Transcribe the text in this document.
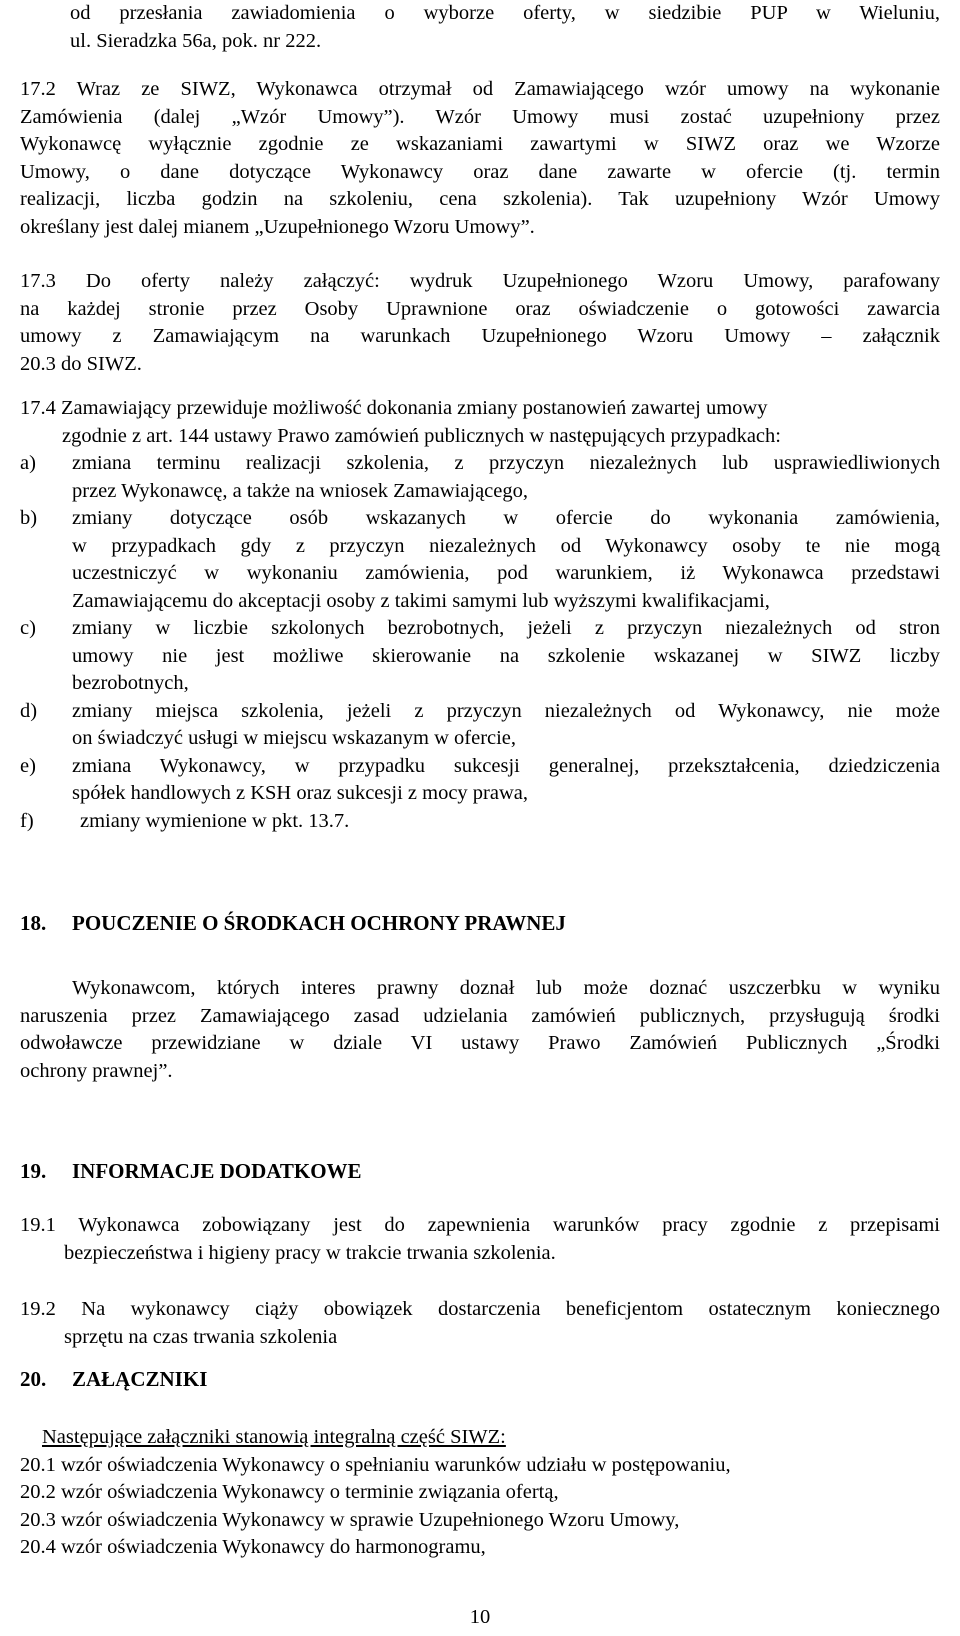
od przesłania zawiadomienia o wyborze oferty, w siedzibie PUP w Wieluniu,
ul. Sieradzka 56a, pok. nr 222.
17.2 Wraz ze SIWZ, Wykonawca otrzymał od Zamawiającego wzór umowy na wykonanie
Zamówienia (dalej „Wzór Umowy”). Wzór Umowy musi zostać uzupełniony przez
Wykonawcę wyłącznie zgodnie ze wskazaniami zawartymi w SIWZ oraz we Wzorze
Umowy, o dane dotyczące Wykonawcy oraz dane zawarte w ofercie (tj. termin
realizacji, liczba godzin na szkoleniu, cena szkolenia). Tak uzupełniony Wzór Umowy
określany jest dalej mianem „Uzupełnionego Wzoru Umowy”.
17.3 Do oferty należy załączyć: wydruk Uzupełnionego Wzoru Umowy, parafowany
na każdej stronie przez Osoby Uprawnione oraz oświadczenie o gotowości zawarcia
umowy z Zamawiającym na warunkach Uzupełnionego Wzoru Umowy – załącznik
20.3 do SIWZ.
17.4 Zamawiający przewiduje możliwość dokonania zmiany postanowień zawartej umowy
zgodnie z art. 144 ustawy Prawo zamówień publicznych w następujących przypadkach:
a) zmiana terminu realizacji szkolenia, z przyczyn niezależnych lub usprawiedliwionych
przez Wykonawcę, a także na wniosek Zamawiającego,
b) zmiany dotyczące osób wskazanych w ofercie do wykonania zamówienia,
w przypadkach gdy z przyczyn niezależnych od Wykonawcy osoby te nie mogą
uczestniczyć w wykonaniu zamówienia, pod warunkiem, iż Wykonawca przedstawi
Zamawiającemu do akceptacji osoby z takimi samymi lub wyższymi kwalifikacjami,
c) zmiany w liczbie szkolonych bezrobotnych, jeżeli z przyczyn niezależnych od stron
umowy nie jest możliwe skierowanie na szkolenie wskazanej w SIWZ liczby
bezrobotnych,
d) zmiany miejsca szkolenia, jeżeli z przyczyn niezależnych od Wykonawcy, nie może
on świadczyć usługi w miejscu wskazanym w ofercie,
e) zmiana Wykonawcy, w przypadku sukcesji generalnej, przekształcenia, dziedziczenia
spółek handlowych z KSH oraz sukcesji z mocy prawa,
f) zmiany wymienione w pkt. 13.7.
18. POUCZENIE O ŚRODKACH OCHRONY PRAWNEJ
Wykonawcom, których interes prawny doznał lub może doznać uszczerbku w wyniku
naruszenia przez Zamawiającego zasad udzielania zamówień publicznych, przysługują środki
odwoławcze przewidziane w dziale VI ustawy Prawo Zamówień Publicznych „Środki
ochrony prawnej”.
19. INFORMACJE DODATKOWE
19.1 Wykonawca zobowiązany jest do zapewnienia warunków pracy zgodnie z przepisami
bezpieczeństwa i higieny pracy w trakcie trwania szkolenia.
19.2 Na wykonawcy ciąży obowiązek dostarczenia beneficjentom ostatecznym koniecznego
sprzętu na czas trwania szkolenia
20. ZAŁĄCZNIKI
Następujące załączniki stanowią integralną część SIWZ:
20.1 wzór oświadczenia Wykonawcy o spełnianiu warunków udziału w postępowaniu,
20.2 wzór oświadczenia Wykonawcy o terminie związania ofertą,
20.3 wzór oświadczenia Wykonawcy w sprawie Uzupełnionego Wzoru Umowy,
20.4 wzór oświadczenia Wykonawcy do harmonogramu,
10
